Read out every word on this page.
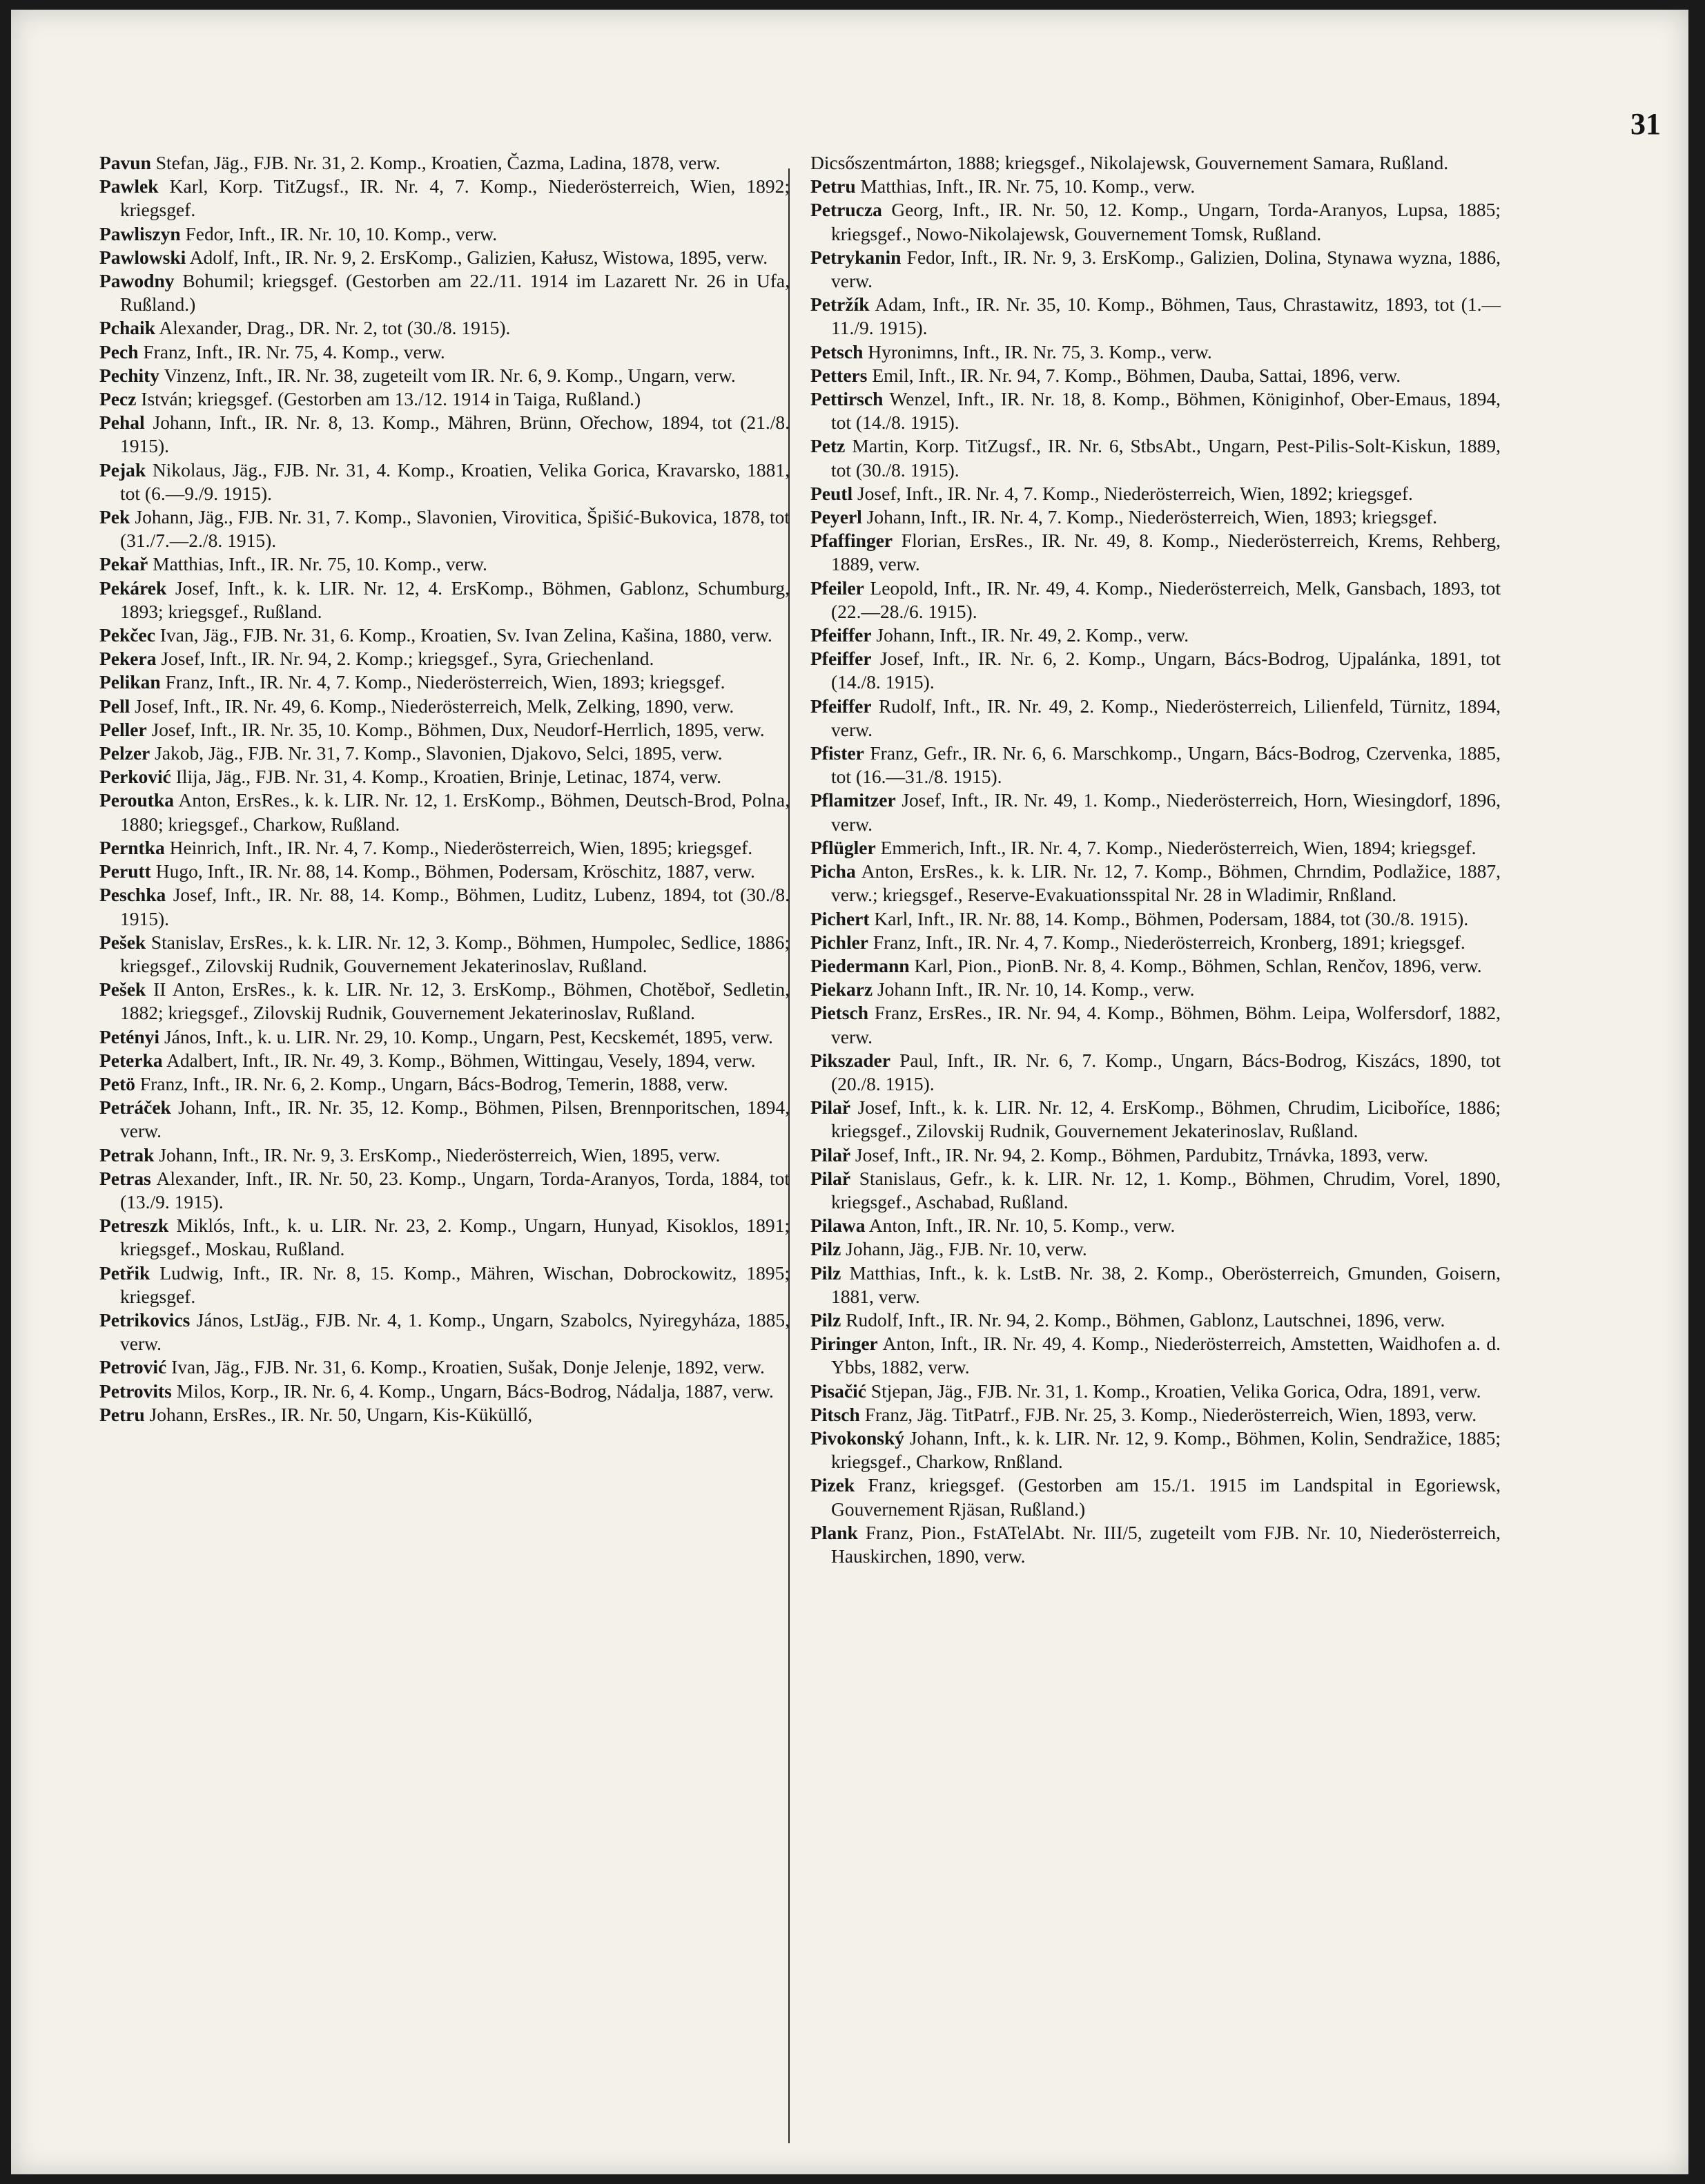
31

Pavun Stefan, Jäg., FJB. Nr. 31, 2. Komp., Kroatien, Čazma, Ladina, 1878, verw.

Pawlek Karl, Korp. TitZugsf., IR. Nr. 4, 7. Komp., Niederösterreich, Wien, 1892; kriegsgef.

Pawliszyn Fedor, Inft., IR. Nr. 10, 10. Komp., verw.

Pawlowski Adolf, Inft., IR. Nr. 9, 2. ErsKomp., Galizien, Kałusz, Wistowa, 1895, verw.

Pawodny Bohumil; kriegsgef. (Gestorben am 22./11. 1914 im Lazarett Nr. 26 in Ufa, Rußland.)

Pchaik Alexander, Drag., DR. Nr. 2, tot (30./8. 1915).

Pech Franz, Inft., IR. Nr. 75, 4. Komp., verw.

Pechity Vinzenz, Inft., IR. Nr. 38, zugeteilt vom IR. Nr. 6, 9. Komp., Ungarn, verw.

Pecz István; kriegsgef. (Gestorben am 13./12. 1914 in Taiga, Rußland.)

Pehal Johann, Inft., IR. Nr. 8, 13. Komp., Mähren, Brünn, Ořechow, 1894, tot (21./8. 1915).

Pejak Nikolaus, Jäg., FJB. Nr. 31, 4. Komp., Kroatien, Velika Gorica, Kravarsko, 1881, tot (6.—9./9. 1915).

Pek Johann, Jäg., FJB. Nr. 31, 7. Komp., Slavonien, Virovitica, Špišić-Bukovica, 1878, tot (31./7.—2./8. 1915).

Pekař Matthias, Inft., IR. Nr. 75, 10. Komp., verw.

Pekárek Josef, Inft., k. k. LIR. Nr. 12, 4. ErsKomp., Böhmen, Gablonz, Schumburg, 1893; kriegsgef., Rußland.

Pekčec Ivan, Jäg., FJB. Nr. 31, 6. Komp., Kroatien, Sv. Ivan Zelina, Kašina, 1880, verw.

Pekera Josef, Inft., IR. Nr. 94, 2. Komp.; kriegsgef., Syra, Griechenland.

Pelikan Franz, Inft., IR. Nr. 4, 7. Komp., Niederösterreich, Wien, 1893; kriegsgef.

Pell Josef, Inft., IR. Nr. 49, 6. Komp., Niederösterreich, Melk, Zelking, 1890, verw.

Peller Josef, Inft., IR. Nr. 35, 10. Komp., Böhmen, Dux, Neudorf-Herrlich, 1895, verw.

Pelzer Jakob, Jäg., FJB. Nr. 31, 7. Komp., Slavonien, Djakovo, Selci, 1895, verw.

Perković Ilija, Jäg., FJB. Nr. 31, 4. Komp., Kroatien, Brinje, Letinac, 1874, verw.

Peroutka Anton, ErsRes., k. k. LIR. Nr. 12, 1. ErsKomp., Böhmen, Deutsch-Brod, Polna, 1880; kriegsgef., Charkow, Rußland.

Perntka Heinrich, Inft., IR. Nr. 4, 7. Komp., Niederösterreich, Wien, 1895; kriegsgef.

Perutt Hugo, Inft., IR. Nr. 88, 14. Komp., Böhmen, Podersam, Kröschitz, 1887, verw.

Peschka Josef, Inft., IR. Nr. 88, 14. Komp., Böhmen, Luditz, Lubenz, 1894, tot (30./8. 1915).

Pešek Stanislav, ErsRes., k. k. LIR. Nr. 12, 3. Komp., Böhmen, Humpolec, Sedlice, 1886; kriegsgef., Zilovskij Rudnik, Gouvernement Jekaterinoslav, Rußland.

Pešek II Anton, ErsRes., k. k. LIR. Nr. 12, 3. ErsKomp., Böhmen, Chotěboř, Sedletin, 1882; kriegsgef., Zilovskij Rudnik, Gouvernement Jekaterinoslav, Rußland.

Petényi János, Inft., k. u. LIR. Nr. 29, 10. Komp., Ungarn, Pest, Kecskemét, 1895, verw.

Peterka Adalbert, Inft., IR. Nr. 49, 3. Komp., Böhmen, Wittingau, Vesely, 1894, verw.

Petö Franz, Inft., IR. Nr. 6, 2. Komp., Ungarn, Bács-Bodrog, Temerin, 1888, verw.

Petráček Johann, Inft., IR. Nr. 35, 12. Komp., Böhmen, Pilsen, Brennporitschen, 1894, verw.

Petrak Johann, Inft., IR. Nr. 9, 3. ErsKomp., Niederösterreich, Wien, 1895, verw.

Petras Alexander, Inft., IR. Nr. 50, 23. Komp., Ungarn, Torda-Aranyos, Torda, 1884, tot (13./9. 1915).

Petreszk Miklós, Inft., k. u. LIR. Nr. 23, 2. Komp., Ungarn, Hunyad, Kisoklos, 1891; kriegsgef., Moskau, Rußland.

Petřik Ludwig, Inft., IR. Nr. 8, 15. Komp., Mähren, Wischan, Dobrockowitz, 1895; kriegsgef.

Petrikovics János, LstJäg., FJB. Nr. 4, 1. Komp., Ungarn, Szabolcs, Nyiregyháza, 1885, verw.

Petrović Ivan, Jäg., FJB. Nr. 31, 6. Komp., Kroatien, Sušak, Donje Jelenje, 1892, verw.

Petrovits Milos, Korp., IR. Nr. 6, 4. Komp., Ungarn, Bács-Bodrog, Nádalja, 1887, verw.

Petru Johann, ErsRes., IR. Nr. 50, Ungarn, Kis-Küküllő,

Dicsőszentmárton, 1888; kriegsgef., Nikolajewsk, Gouvernement Samara, Rußland.

Petru Matthias, Inft., IR. Nr. 75, 10. Komp., verw.

Petrucza Georg, Inft., IR. Nr. 50, 12. Komp., Ungarn, Torda-Aranyos, Lupsa, 1885; kriegsgef., Nowo-Nikolajewsk, Gouvernement Tomsk, Rußland.

Petrykanin Fedor, Inft., IR. Nr. 9, 3. ErsKomp., Galizien, Dolina, Stynawa wyzna, 1886, verw.

Petržík Adam, Inft., IR. Nr. 35, 10. Komp., Böhmen, Taus, Chrastawitz, 1893, tot (1.—11./9. 1915).

Petsch Hyronimns, Inft., IR. Nr. 75, 3. Komp., verw.

Petters Emil, Inft., IR. Nr. 94, 7. Komp., Böhmen, Dauba, Sattai, 1896, verw.

Pettirsch Wenzel, Inft., IR. Nr. 18, 8. Komp., Böhmen, Königinhof, Ober-Emaus, 1894, tot (14./8. 1915).

Petz Martin, Korp. TitZugsf., IR. Nr. 6, StbsAbt., Ungarn, Pest-Pilis-Solt-Kiskun, 1889, tot (30./8. 1915).

Peutl Josef, Inft., IR. Nr. 4, 7. Komp., Niederösterreich, Wien, 1892; kriegsgef.

Peyerl Johann, Inft., IR. Nr. 4, 7. Komp., Niederösterreich, Wien, 1893; kriegsgef.

Pfaffinger Florian, ErsRes., IR. Nr. 49, 8. Komp., Niederösterreich, Krems, Rehberg, 1889, verw.

Pfeiler Leopold, Inft., IR. Nr. 49, 4. Komp., Niederösterreich, Melk, Gansbach, 1893, tot (22.—28./6. 1915).

Pfeiffer Johann, Inft., IR. Nr. 49, 2. Komp., verw.

Pfeiffer Josef, Inft., IR. Nr. 6, 2. Komp., Ungarn, Bács-Bodrog, Ujpalánka, 1891, tot (14./8. 1915).

Pfeiffer Rudolf, Inft., IR. Nr. 49, 2. Komp., Niederösterreich, Lilienfeld, Türnitz, 1894, verw.

Pfister Franz, Gefr., IR. Nr. 6, 6. Marschkomp., Ungarn, Bács-Bodrog, Czervenka, 1885, tot (16.—31./8. 1915).

Pflamitzer Josef, Inft., IR. Nr. 49, 1. Komp., Niederösterreich, Horn, Wiesingdorf, 1896, verw.

Pflügler Emmerich, Inft., IR. Nr. 4, 7. Komp., Niederösterreich, Wien, 1894; kriegsgef.

Picha Anton, ErsRes., k. k. LIR. Nr. 12, 7. Komp., Böhmen, Chrndim, Podlažice, 1887, verw.; kriegsgef., Reserve-Evakuationsspital Nr. 28 in Wladimir, Rnßland.

Pichert Karl, Inft., IR. Nr. 88, 14. Komp., Böhmen, Podersam, 1884, tot (30./8. 1915).

Pichler Franz, Inft., IR. Nr. 4, 7. Komp., Niederösterreich, Kronberg, 1891; kriegsgef.

Piedermann Karl, Pion., PionB. Nr. 8, 4. Komp., Böhmen, Schlan, Renčov, 1896, verw.

Piekarz Johann Inft., IR. Nr. 10, 14. Komp., verw.

Pietsch Franz, ErsRes., IR. Nr. 94, 4. Komp., Böhmen, Böhm. Leipa, Wolfersdorf, 1882, verw.

Pikszader Paul, Inft., IR. Nr. 6, 7. Komp., Ungarn, Bács-Bodrog, Kiszács, 1890, tot (20./8. 1915).

Pilař Josef, Inft., k. k. LIR. Nr. 12, 4. ErsKomp., Böhmen, Chrudim, Liciboříce, 1886; kriegsgef., Zilovskij Rudnik, Gouvernement Jekaterinoslav, Rußland.

Pilař Josef, Inft., IR. Nr. 94, 2. Komp., Böhmen, Pardubitz, Trnávka, 1893, verw.

Pilař Stanislaus, Gefr., k. k. LIR. Nr. 12, 1. Komp., Böhmen, Chrudim, Vorel, 1890, kriegsgef., Aschabad, Rußland.

Pilawa Anton, Inft., IR. Nr. 10, 5. Komp., verw.

Pilz Johann, Jäg., FJB. Nr. 10, verw.

Pilz Matthias, Inft., k. k. LstB. Nr. 38, 2. Komp., Oberösterreich, Gmunden, Goisern, 1881, verw.

Pilz Rudolf, Inft., IR. Nr. 94, 2. Komp., Böhmen, Gablonz, Lautschnei, 1896, verw.

Piringer Anton, Inft., IR. Nr. 49, 4. Komp., Niederösterreich, Amstetten, Waidhofen a. d. Ybbs, 1882, verw.

Pisačić Stjepan, Jäg., FJB. Nr. 31, 1. Komp., Kroatien, Velika Gorica, Odra, 1891, verw.

Pitsch Franz, Jäg. TitPatrf., FJB. Nr. 25, 3. Komp., Niederösterreich, Wien, 1893, verw.

Pivokonský Johann, Inft., k. k. LIR. Nr. 12, 9. Komp., Böhmen, Kolin, Sendražice, 1885; kriegsgef., Charkow, Rnßland.

Pizek Franz, kriegsgef. (Gestorben am 15./1. 1915 im Landspital in Egoriewsk, Gouvernement Rjäsan, Rußland.)

Plank Franz, Pion., FstATelAbt. Nr. III/5, zugeteilt vom FJB. Nr. 10, Niederösterreich, Hauskirchen, 1890, verw.
